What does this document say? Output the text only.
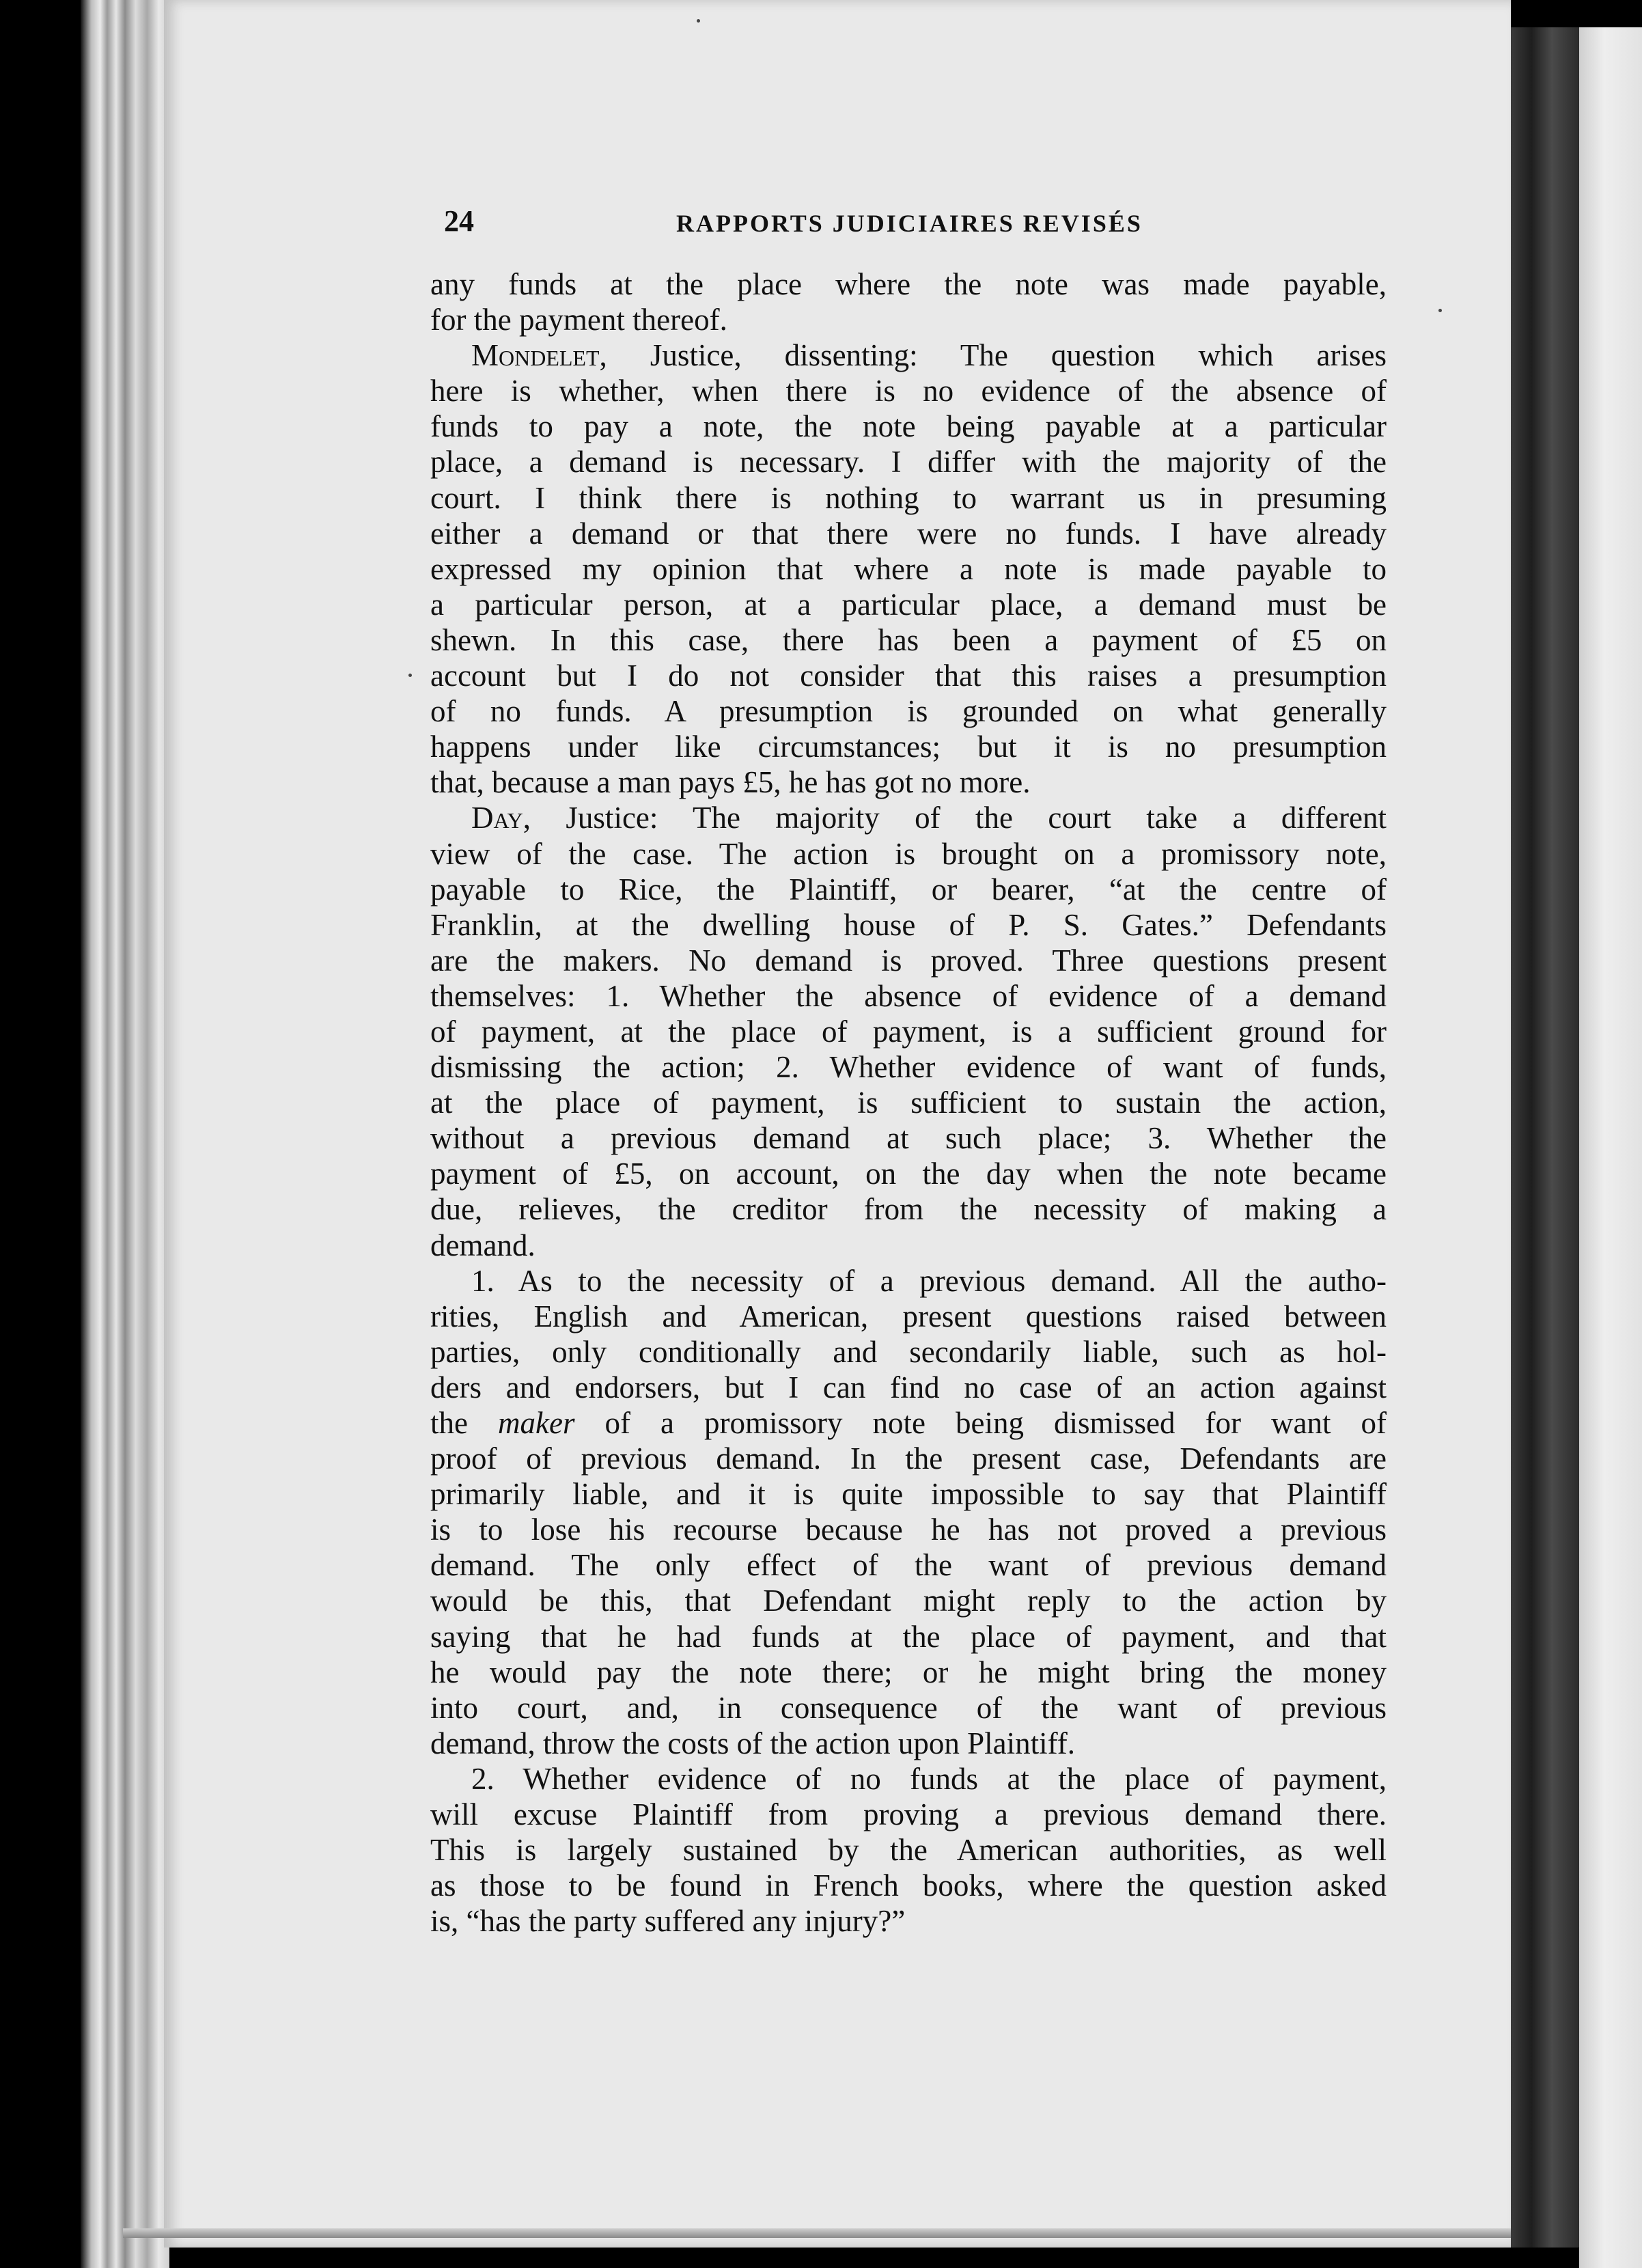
24	RAPPORTS JUDICIAIRES REVISÉS
any funds at the place where the note was made payable,
for the payment thereof.
Mondelet, Justice, dissenting: The question which arises
here is whether, when there is no evidence of the absence of
funds to pay a note, the note being payable at a particular
place, a demand is necessary. I differ with the majority of the
court. I think there is nothing to warrant us in presuming
either a demand or that there were no funds. I have already
expressed my opinion that where a note is made payable to
a particular person, at a particular place, a demand must be
shewn. In this case, there has been a payment of £5 on
account but I do not consider that this raises a presumption
of no funds. A presumption is grounded on what generally
happens under like circumstances; but it is no presumption
that, because a man pays £5, he has got no more.
Day, Justice: The majority of the court take a different
view of the case. The action is brought on a promissory note,
payable to Rice, the Plaintiff, or bearer, “at the centre of
Franklin, at the dwelling house of P. S. Gates.” Defendants
are the makers. No demand is proved. Three questions present
themselves: 1. Whether the absence of evidence of a demand
of payment, at the place of payment, is a sufficient ground for
dismissing the action; 2. Whether evidence of want of funds,
at the place of payment, is sufficient to sustain the action,
without a previous demand at such place; 3. Whether the
payment of £5, on account, on the day when the note became
due, relieves, the creditor from the necessity of making a
demand.
1. As to the necessity of a previous demand. All the autho-
rities, English and American, present questions raised between
parties, only conditionally and secondarily liable, such as hol-
ders and endorsers, but I can find no case of an action against
the maker of a promissory note being dismissed for want of
proof of previous demand. In the present case, Defendants are
primarily liable, and it is quite impossible to say that Plaintiff
is to lose his recourse because he has not proved a previous
demand. The only effect of the want of previous demand
would be this, that Defendant might reply to the action by
saying that he had funds at the place of payment, and that
he would pay the note there; or he might bring the money
into court, and, in consequence of the want of previous
demand, throw the costs of the action upon Plaintiff.
2. Whether evidence of no funds at the place of payment,
will excuse Plaintiff from proving a previous demand there.
This is largely sustained by the American authorities, as well
as those to be found in French books, where the question asked
is, “has the party suffered any injury?”
